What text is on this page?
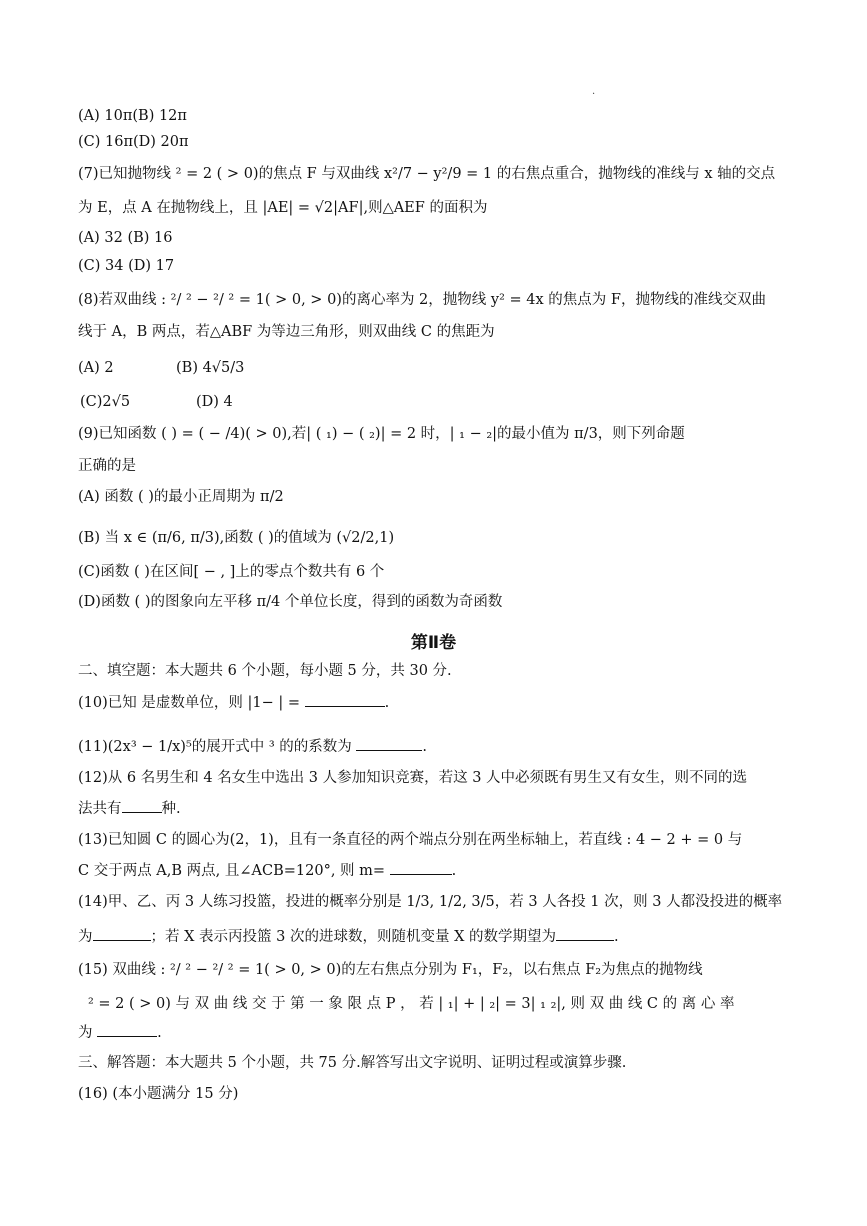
.
(A) 10π(B) 12π
(C) 16π(D) 20π
(7)已知抛物线 ² = 2 ( > 0)的焦点 F 与双曲线 x²/7 − y²/9 = 1 的右焦点重合，抛物线的准线与 x 轴的交点
为 E，点 A 在抛物线上，且 |AE| = √2|AF|,则△AEF 的面积为
(A) 32 (B) 16
(C) 34 (D) 17
(8)若双曲线 : ²/ ² − ²/ ² = 1( > 0, > 0)的离心率为 2，抛物线 y² = 4x 的焦点为 F，抛物线的准线交双曲
线于 A，B 两点，若△ABF 为等边三角形，则双曲线 C 的焦距为
(A) 2	(B) 4√5/3
(C)2√5	(D) 4
(9)已知函数 ( ) = ( − /4)( > 0),若| ( ₁) − ( ₂)| = 2 时，| ₁ − ₂|的最小值为 π/3，则下列命题
正确的是
(A) 函数 ( )的最小正周期为 π/2
(B) 当 x ∈ (π/6, π/3),函数 ( )的值域为 (√2/2,1)
(C)函数 ( )在区间[ − , ]上的零点个数共有 6 个
(D)函数 ( )的图象向左平移 π/4 个单位长度，得到的函数为奇函数
第Ⅱ卷
二、填空题：本大题共 6 个小题，每小题 5 分，共 30 分.
(10)已知 是虚数单位，则 |1− | =	.
(11)(2x³ − 1/x)⁵的展开式中 ³ 的的系数为	.
(12)从 6 名男生和 4 名女生中选出 3 人参加知识竞赛，若这 3 人中必须既有男生又有女生，则不同的选
法共有	种.
(13)已知圆 C 的圆心为(2，1)，且有一条直径的两个端点分别在两坐标轴上，若直线 : 4 − 2 + = 0 与
C 交于两点 A,B 两点, 且∠ACB=120°, 则 m=	.
(14)甲、乙、丙 3 人练习投篮，投进的概率分别是 1/3, 1/2, 3/5，若 3 人各投 1 次，则 3 人都没投进的概率
为	；若 X 表示丙投篮 3 次的进球数，则随机变量 X 的数学期望为	.
(15) 双曲线 : ²/ ² − ²/ ² = 1( > 0, > 0)的左右焦点分别为 F₁，F₂，以右焦点 F₂为焦点的抛物线
² = 2 ( > 0) 与 双 曲 线 交 于 第 一 象 限 点 P ， 若 | ₁| + | ₂| = 3| ₁ ₂|, 则 双 曲 线 C 的 离 心 率
为	.
三、解答题：本大题共 5 个小题，共 75 分.解答写出文字说明、证明过程或演算步骤.
(16) (本小题满分 15 分)
